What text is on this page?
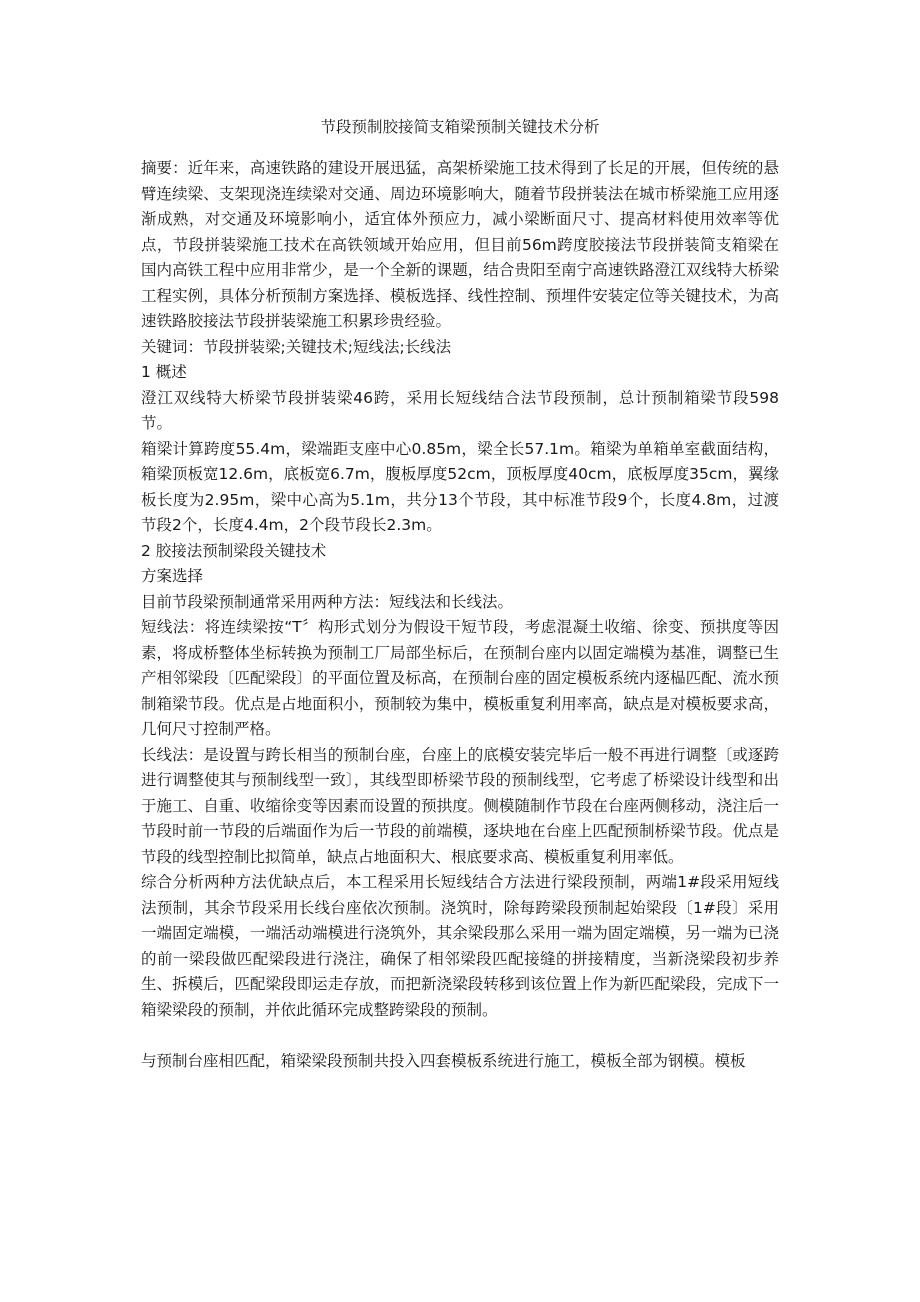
节段预制胶接简支箱梁预制关键技术分析

摘要：近年来，高速铁路的建设开展迅猛，高架桥梁施工技术得到了长足的开展，但传统的悬臂连续梁、支架现浇连续梁对交通、周边环境影响大，随着节段拼装法在城市桥梁施工应用逐渐成熟，对交通及环境影响小，适宜体外预应力，减小梁断面尺寸、提高材料使用效率等优点，节段拼装梁施工技术在高铁领域开始应用，但目前56m跨度胶接法节段拼装简支箱梁在国内高铁工程中应用非常少，是一个全新的课题，结合贵阳至南宁高速铁路澄江双线特大桥梁工程实例，具体分析预制方案选择、模板选择、线性控制、预埋件安装定位等关键技术，为高速铁路胶接法节段拼装梁施工积累珍贵经验。

关键词：节段拼装梁;关键技术;短线法;长线法

1 概述

澄江双线特大桥梁节段拼装梁46跨，采用长短线结合法节段预制，总计预制箱梁节段598节。

箱梁计算跨度55.4m，梁端距支座中心0.85m，梁全长57.1m。箱梁为单箱单室截面结构，箱梁顶板宽12.6m，底板宽6.7m，腹板厚度52cm，顶板厚度40cm，底板厚度35cm，翼缘板长度为2.95m，梁中心高为5.1m，共分13个节段，其中标准节段9个，长度4.8m，过渡节段2个，长度4.4m，2个段节段长2.3m。

2 胶接法预制梁段关键技术

方案选择

目前节段梁预制通常采用两种方法：短线法和长线法。

短线法：将连续梁按“T〞构形式划分为假设干短节段，考虑混凝土收缩、徐变、预拱度等因素，将成桥整体坐标转换为预制工厂局部坐标后，在预制台座内以固定端模为基准，调整已生产相邻梁段〔匹配梁段〕的平面位置及标高，在预制台座的固定模板系统内逐榀匹配、流水预制箱梁节段。优点是占地面积小，预制较为集中，模板重复利用率高，缺点是对模板要求高，几何尺寸控制严格。

长线法：是设置与跨长相当的预制台座，台座上的底模安装完毕后一般不再进行调整〔或逐跨进行调整使其与预制线型一致〕，其线型即桥梁节段的预制线型，它考虑了桥梁设计线型和出于施工、自重、收缩徐变等因素而设置的预拱度。侧模随制作节段在台座两侧移动，浇注后一节段时前一节段的后端面作为后一节段的前端模，逐块地在台座上匹配预制桥梁节段。优点是节段的线型控制比拟简单，缺点占地面积大、根底要求高、模板重复利用率低。

综合分析两种方法优缺点后，本工程采用长短线结合方法进行梁段预制，两端1#段采用短线法预制，其余节段采用长线台座依次预制。浇筑时，除每跨梁段预制起始梁段〔1#段〕采用一端固定端模，一端活动端模进行浇筑外，其余梁段那么采用一端为固定端模，另一端为已浇的前一梁段做匹配梁段进行浇注，确保了相邻梁段匹配接缝的拼接精度，当新浇梁段初步养生、拆模后，匹配梁段即运走存放，而把新浇梁段转移到该位置上作为新匹配梁段，完成下一箱梁梁段的预制，并依此循环完成整跨梁段的预制。

与预制台座相匹配，箱梁梁段预制共投入四套模板系统进行施工，模板全部为钢模。模板
